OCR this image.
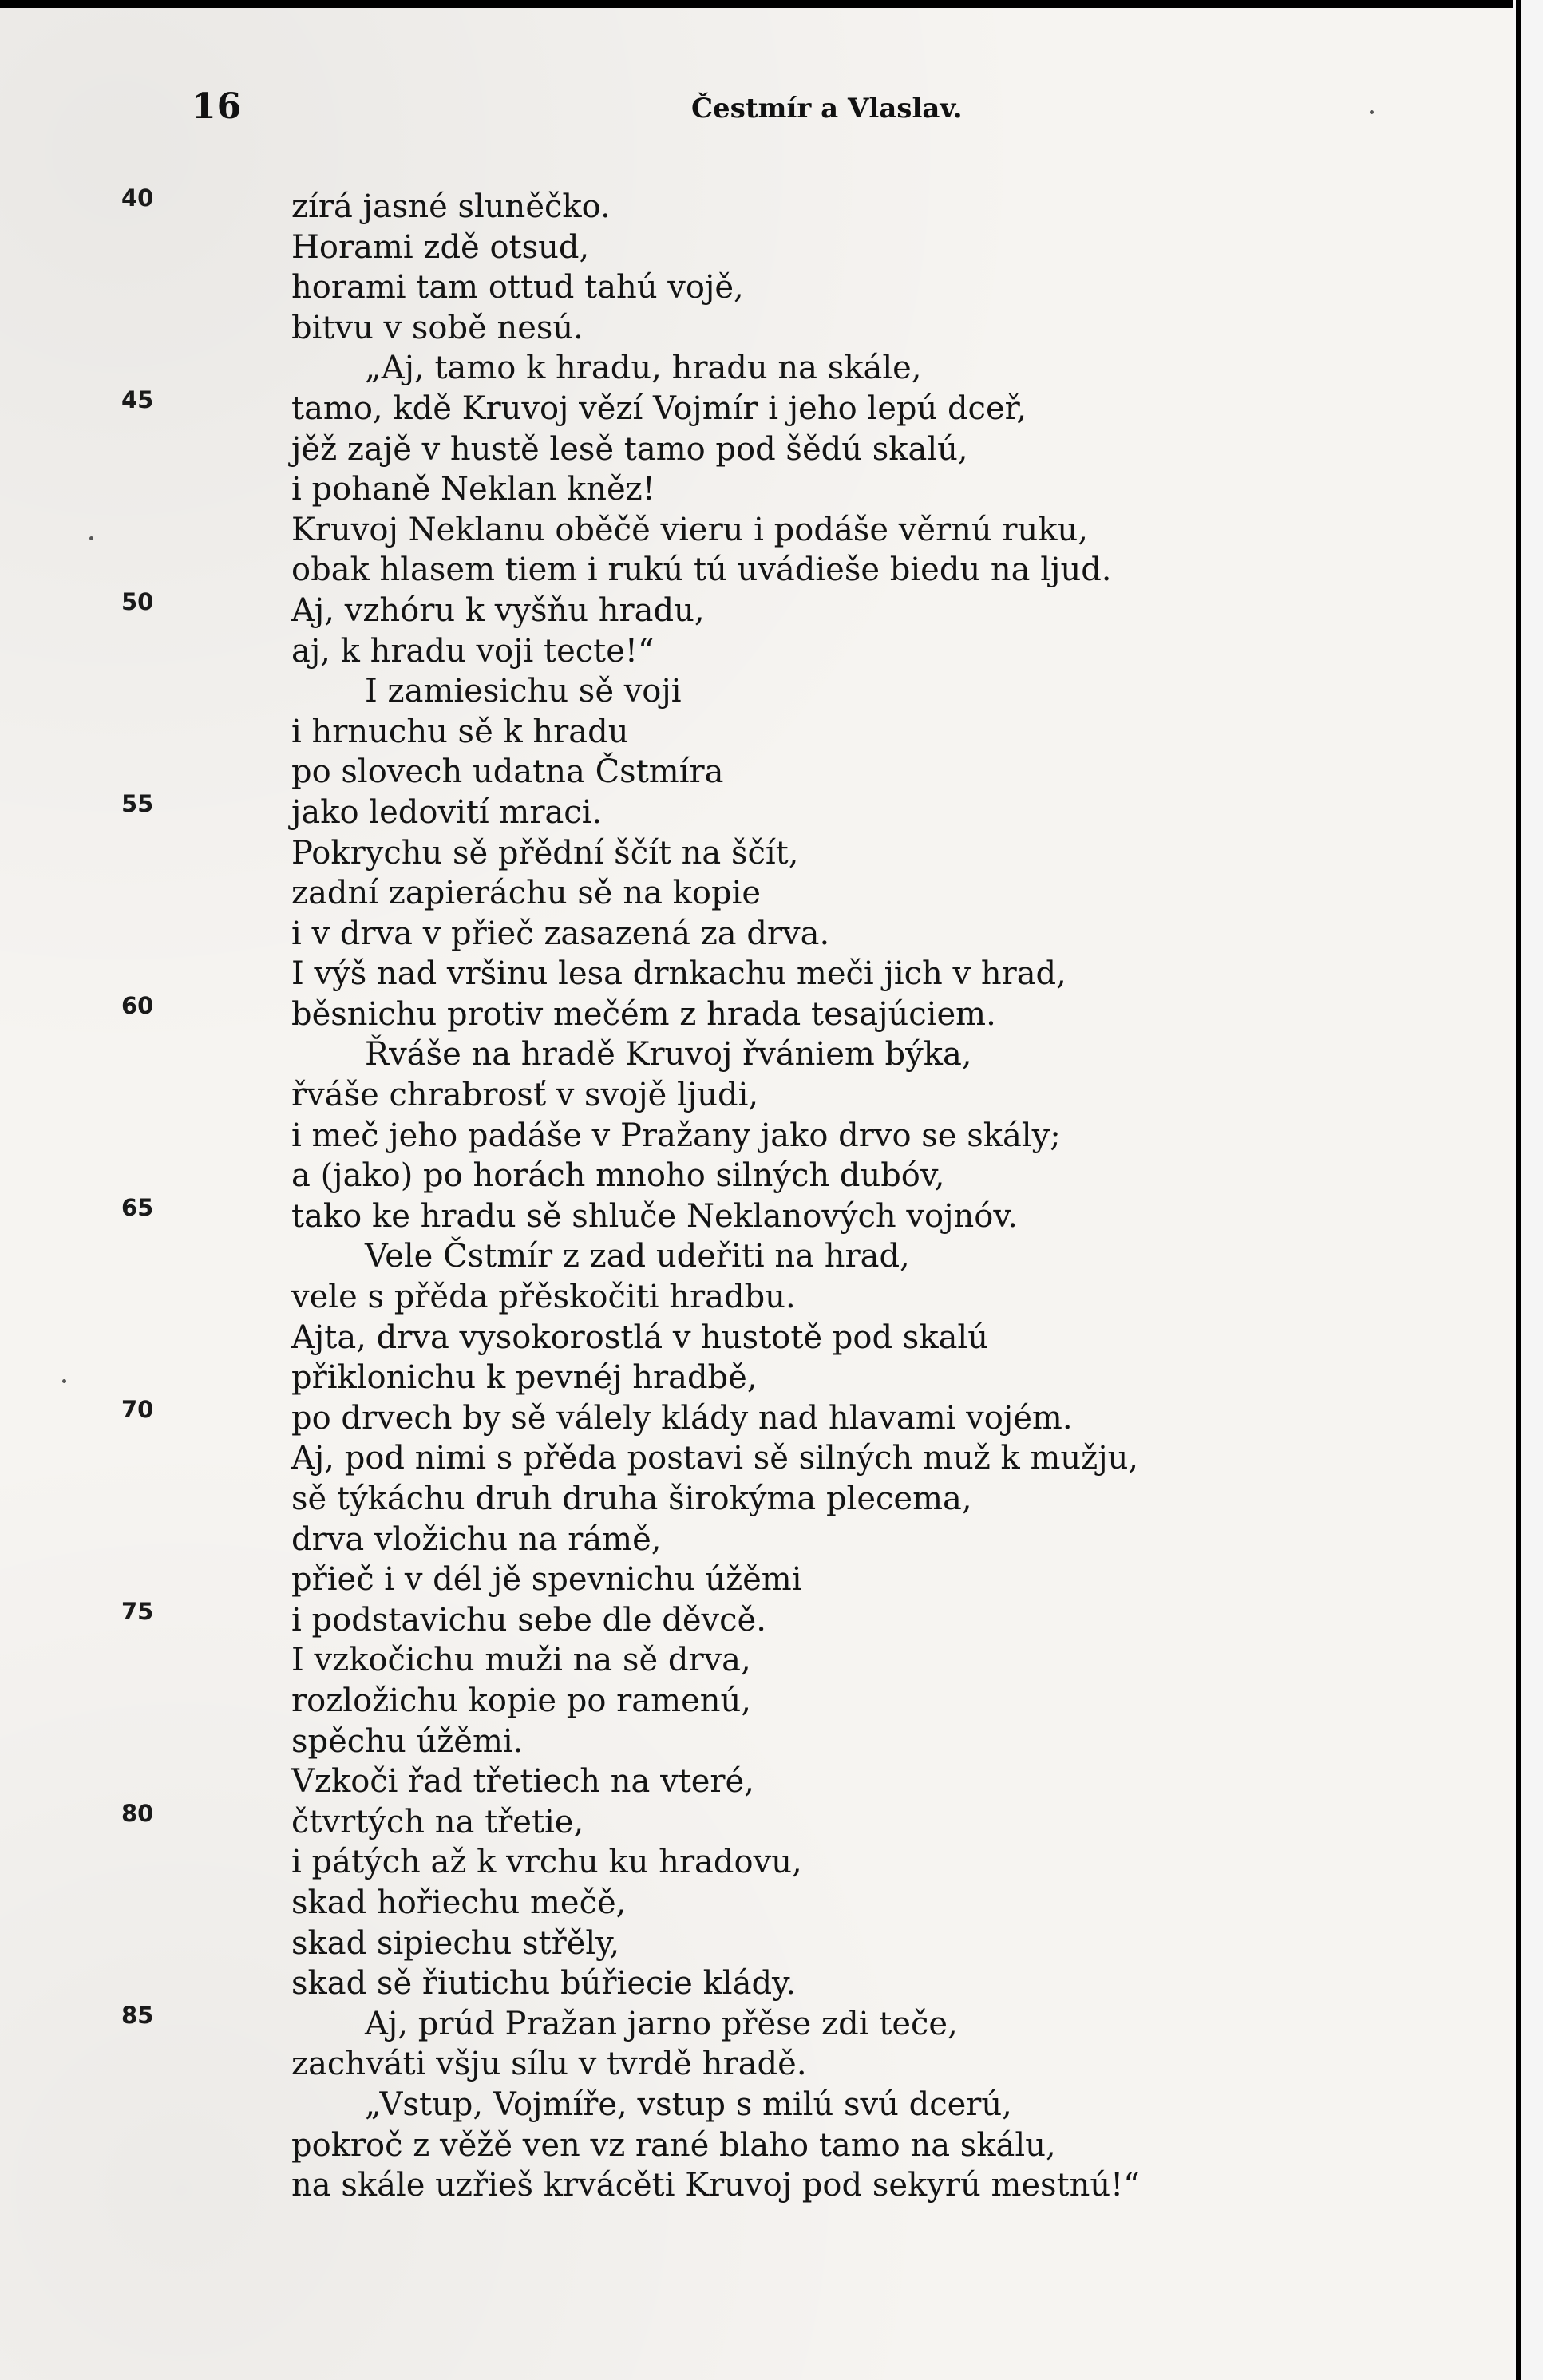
16	Čestmír a Vlaslav.
40
45
50
55
60
65
70
75
80
85
zírá jasné sluněčko.
Horami zdě otsud,
horami tam ottud tahú vojě,
bitvu v sobě nesú.
„Aj, tamo k hradu, hradu na skále,
tamo, kdě Kruvoj vězí Vojmír i jeho lepú dceř,
jěž zajě v hustě lesě tamo pod šědú skalú,
i pohaně Neklan kněz!
Kruvoj Neklanu oběčě vieru i podáše věrnú ruku,
obak hlasem tiem i rukú tú uvádieše biedu na ljud.
Aj, vzhóru k vyšňu hradu,
aj, k hradu voji tecte!“
I zamiesichu sě voji
i hrnuchu sě k hradu
po slovech udatna Čstmíra
jako ledovití mraci.
Pokrychu sě přědní ščít na ščít,
zadní zapieráchu sě na kopie
i v drva v přieč zasazená za drva.
I výš nad vršinu lesa drnkachu meči jich v hrad,
běsnichu protiv mečém z hrada tesajúciem.
Řváše na hradě Kruvoj řvániem býka,
řváše chrabrosť v svojě ljudi,
i meč jeho padáše v Pražany jako drvo se skály;
a (jako) po horách mnoho silných dubóv,
tako ke hradu sě shluče Neklanových vojnóv.
Vele Čstmír z zad udeřiti na hrad,
vele s přěda přěskočiti hradbu.
Ajta, drva vysokorostlá v hustotě pod skalú
přiklonichu k pevnéj hradbě,
po drvech by sě válely klády nad hlavami vojém.
Aj, pod nimi s přěda postavi sě silných muž k mužju,
sě týkáchu druh druha širokýma plecema,
drva vložichu na rámě,
přieč i v dél jě spevnichu úžěmi
i podstavichu sebe dle děvcě.
I vzkočichu muži na sě drva,
rozložichu kopie po ramenú,
spěchu úžěmi.
Vzkoči řad třetiech na vteré,
čtvrtých na třetie,
i pátých až k vrchu ku hradovu,
skad hořiechu mečě,
skad sipiechu střěly,
skad sě řiutichu búřiecie klády.
Aj, prúd Pražan jarno přěse zdi teče,
zachváti všju sílu v tvrdě hradě.
„Vstup, Vojmíře, vstup s milú svú dcerú,
pokroč z věžě ven vz rané blaho tamo na skálu,
na skále uzřieš krvácěti Kruvoj pod sekyrú mestnú!“
